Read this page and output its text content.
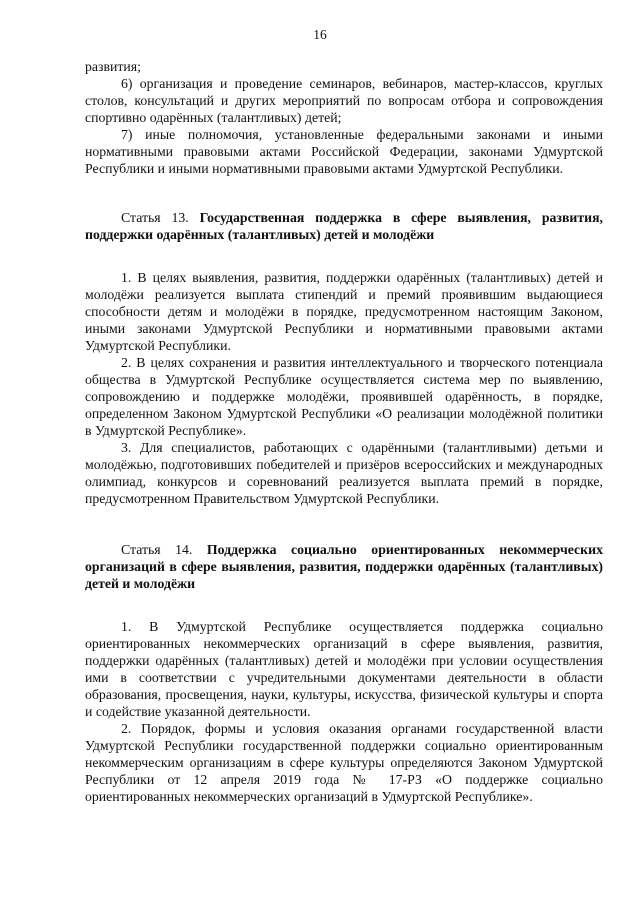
16

развития;

6) организация и проведение семинаров, вебинаров, мастер-классов, круглых столов, консультаций и других мероприятий по вопросам отбора и сопровождения спортивно одарённых (талантливых) детей;

7) иные полномочия, установленные федеральными законами и иными нормативными правовыми актами Российской Федерации, законами Удмуртской Республики и иными нормативными правовыми актами Удмуртской Республики.

Статья 13. Государственная поддержка в сфере выявления, развития, поддержки одарённых (талантливых) детей и молодёжи

1. В целях выявления, развития, поддержки одарённых (талантливых) детей и молодёжи реализуется выплата стипендий и премий проявившим выдающиеся способности детям и молодёжи в порядке, предусмотренном настоящим Законом, иными законами Удмуртской Республики и нормативными правовыми актами Удмуртской Республики.

2. В целях сохранения и развития интеллектуального и творческого потенциала общества в Удмуртской Республике осуществляется система мер по выявлению, сопровождению и поддержке молодёжи, проявившей одарённость, в порядке, определенном Законом Удмуртской Республики «О реализации молодёжной политики в Удмуртской Республике».

3. Для специалистов, работающих с одарёнными (талантливыми) детьми и молодёжью, подготовивших победителей и призёров всероссийских и международных олимпиад, конкурсов и соревнований реализуется выплата премий в порядке, предусмотренном Правительством Удмуртской Республики.

Статья 14. Поддержка социально ориентированных некоммерческих организаций в сфере выявления, развития, поддержки одарённых (талантливых) детей и молодёжи

1. В Удмуртской Республике осуществляется поддержка социально ориентированных некоммерческих организаций в сфере выявления, развития, поддержки одарённых (талантливых) детей и молодёжи при условии осуществления ими в соответствии с учредительными документами деятельности в области образования, просвещения, науки, культуры, искусства, физической культуры и спорта и содействие указанной деятельности.

2. Порядок, формы и условия оказания органами государственной власти Удмуртской Республики государственной поддержки социально ориентированным некоммерческим организациям в сфере культуры определяются Законом Удмуртской Республики от 12 апреля 2019 года № 17-РЗ «О поддержке социально ориентированных некоммерческих организаций в Удмуртской Республике».
